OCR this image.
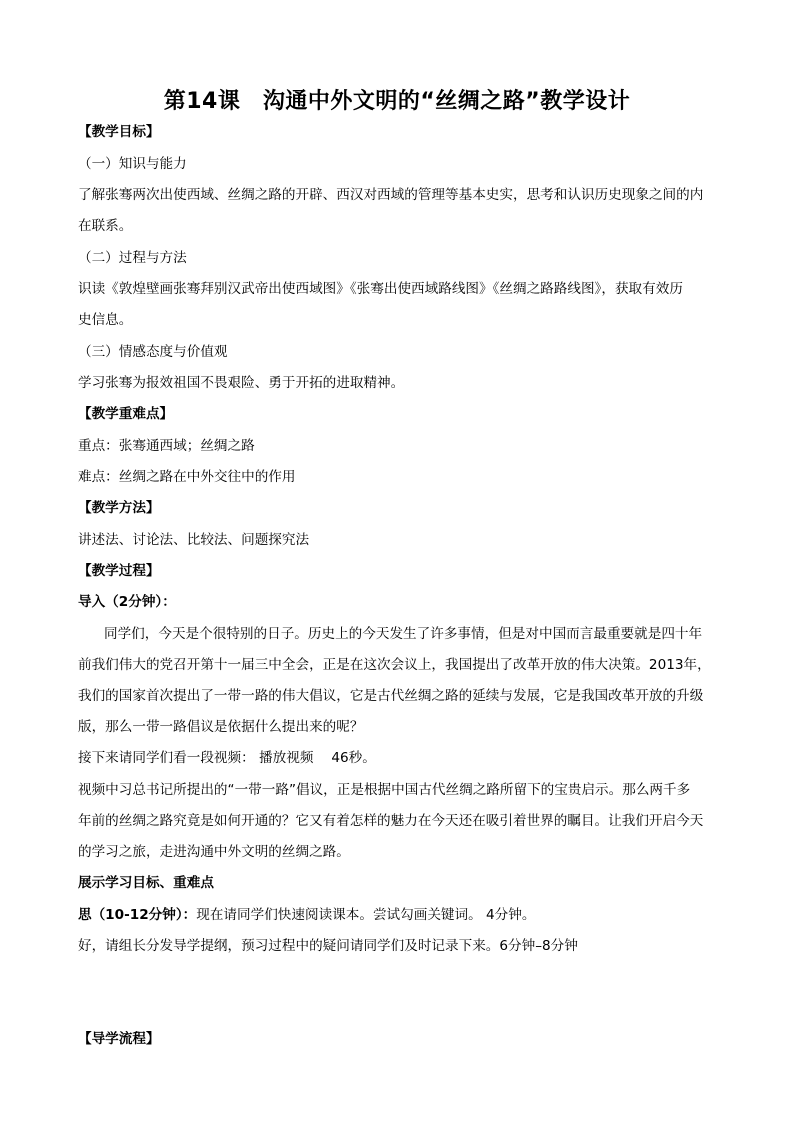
第14课　沟通中外文明的“丝绸之路”教学设计
【教学目标】
（一）知识与能力
了解张骞两次出使西域、丝绸之路的开辟、西汉对西域的管理等基本史实，思考和认识历史现象之间的内
在联系。
（二）过程与方法
识读《敦煌壁画张骞拜别汉武帝出使西域图》《张骞出使西域路线图》《丝绸之路路线图》，获取有效历
史信息。
（三）情感态度与价值观
学习张骞为报效祖国不畏艰险、勇于开拓的进取精神。
【教学重难点】
重点：张骞通西域；丝绸之路
难点：丝绸之路在中外交往中的作用
【教学方法】
讲述法、讨论法、比较法、问题探究法
【教学过程】
导入（2分钟）：
同学们，今天是个很特别的日子。历史上的今天发生了许多事情，但是对中国而言最重要就是四十年
前我们伟大的党召开第十一届三中全会，正是在这次会议上，我国提出了改革开放的伟大决策。2013年，
我们的国家首次提出了一带一路的伟大倡议，它是古代丝绸之路的延续与发展，它是我国改革开放的升级
版，那么一带一路倡议是依据什么提出来的呢？
接下来请同学们看一段视频： 播放视频　 46秒。
视频中习总书记所提出的“一带一路”倡议，正是根据中国古代丝绸之路所留下的宝贵启示。那么两千多
年前的丝绸之路究竟是如何开通的？它又有着怎样的魅力在今天还在吸引着世界的瞩目。让我们开启今天
的学习之旅，走进沟通中外文明的丝绸之路。
展示学习目标、重难点
思（10-12分钟）：现在请同学们快速阅读课本。尝试勾画关键词。 4分钟。
好，请组长分发导学提纲，预习过程中的疑问请同学们及时记录下来。6分钟–8分钟
【导学流程】
